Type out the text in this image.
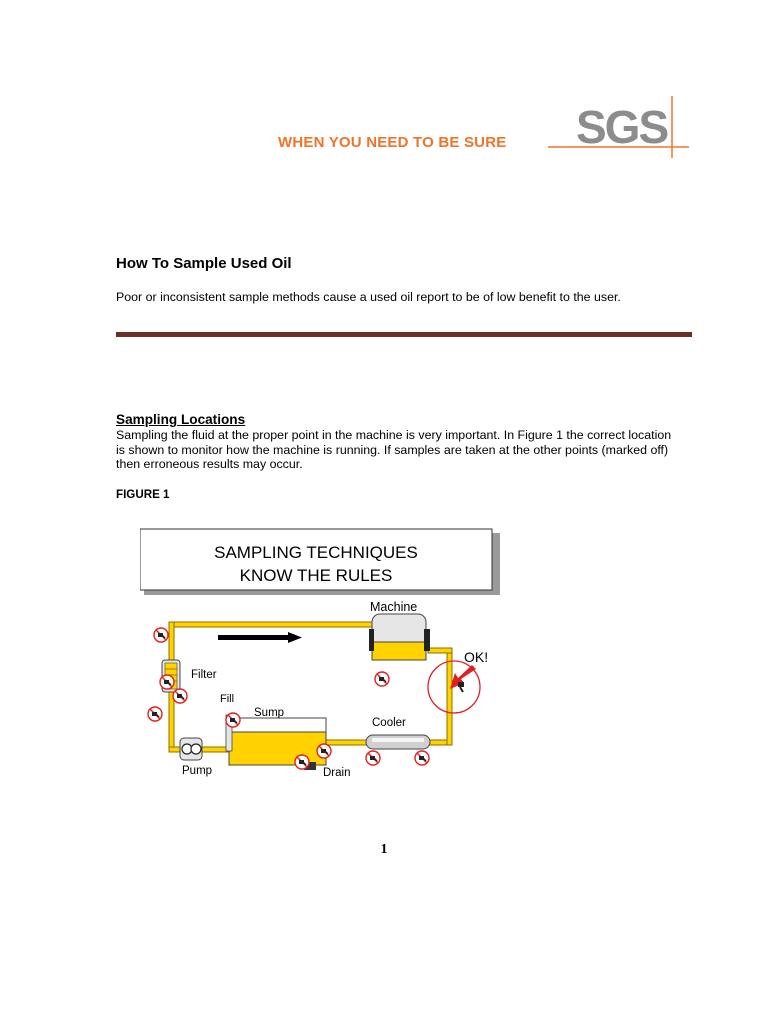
WHEN YOU NEED TO BE SURE SGS
How To Sample Used Oil

Poor or inconsistent sample methods cause a used oil report to be of low benefit to the user.

Sampling Locations

Sampling the fluid at the proper point in the machine is very important. In Figure 1 the correct location is shown to monitor how the machine is running. If samples are taken at the other points (marked off) then erroneous results may occur.

FIGURE 1
SAMPLING TECHNIQUES
KNOW THE RULES
Machine
OK!
Filter
Fill
Sump
Cooler
Pump	Drain
1
